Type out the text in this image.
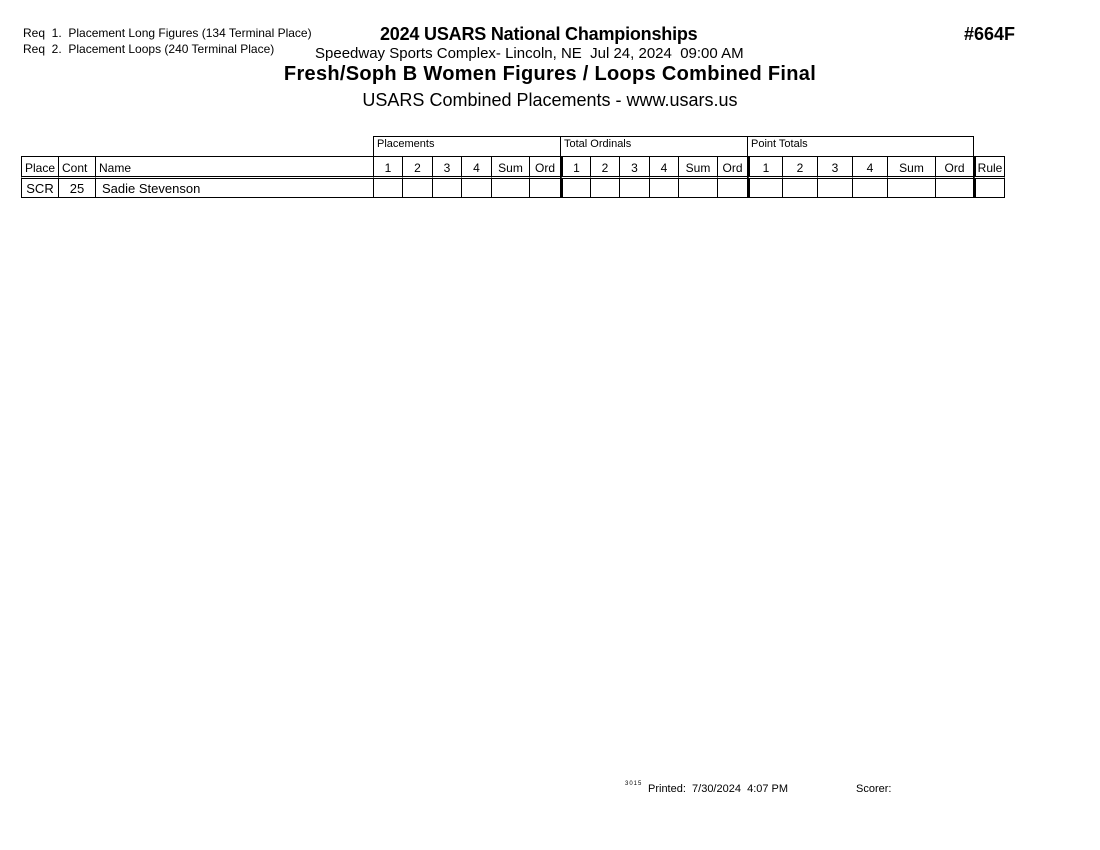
Req  1.  Placement Long Figures (134 Terminal Place)
Req  2.  Placement Loops (240 Terminal Place)
2024 USARS National Championships	#664F
Speedway Sports Complex- Lincoln, NE  Jul 24, 2024  09:00 AM
Fresh/Soph B Women Figures / Loops Combined Final
USARS Combined Placements - www.usars.us
Placements	Total Ordinals	Point Totals
Place Cont Name	1	2	3	4	Sum	Ord	1	2	3	4	Sum	Ord	1	2	3	4	Sum	Ord	Rule
SCR	25	Sadie Stevenson
3015 Printed:  7/30/2024  4:07 PM	Scorer:
